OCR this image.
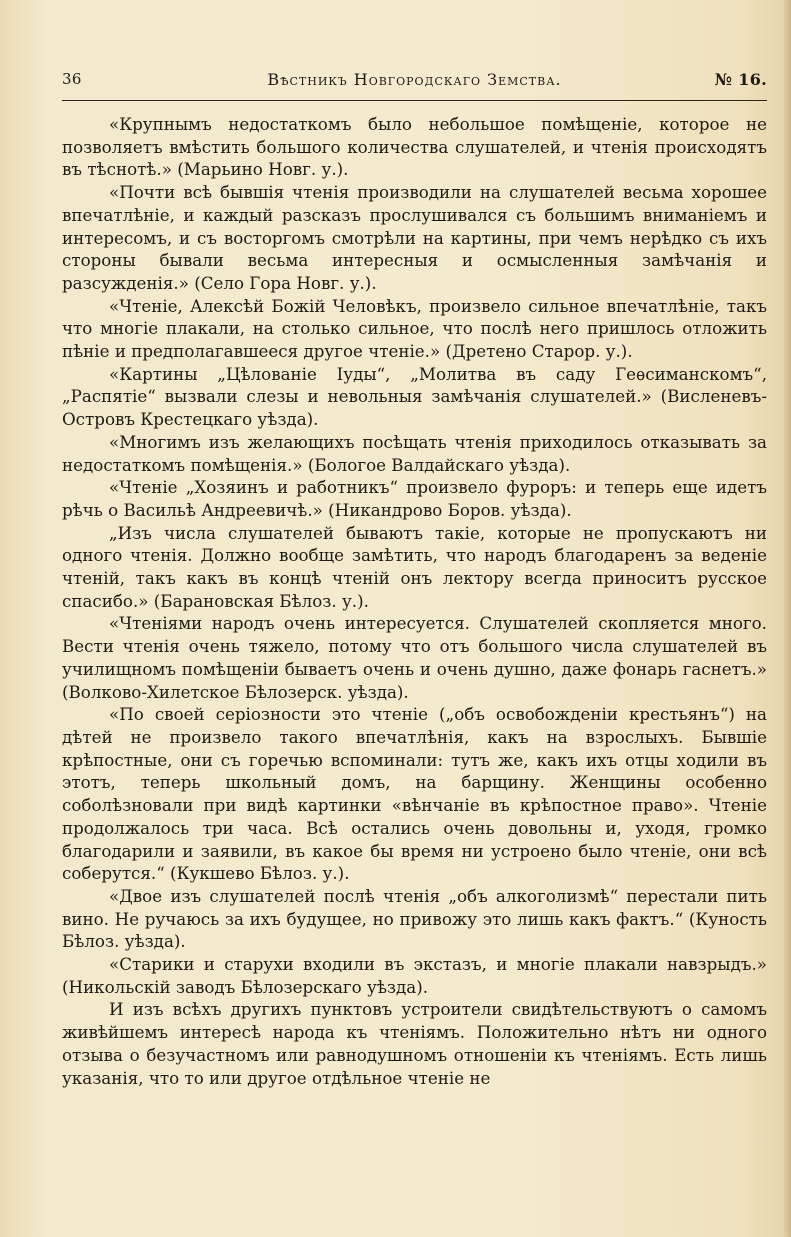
36	Вѣстникъ Новгородскаго Земства.	№ 16.

«Крупнымъ недостаткомъ было небольшое помѣщеніе, которое не позволяетъ вмѣстить большого количества слушателей, и чтенія происходятъ въ тѣснотѣ.» (Марьино Новг. у.).

«Почти всѣ бывшія чтенія производили на слушателей весьма хорошее впечатлѣніе, и каждый разсказъ прослушивался съ большимъ вниманіемъ и интересомъ, и съ восторгомъ смотрѣли на картины, при чемъ нерѣдко съ ихъ стороны бывали весьма интересныя и осмысленныя замѣчанія и разсужденія.» (Село Гора Новг. у.).

«Чтеніе, Алексѣй Божій Человѣкъ, произвело сильное впечатлѣніе, такъ что многіе плакали, на столько сильное, что послѣ него пришлось отложить пѣніе и предполагавшееся другое чтеніе.» (Дретено Старор. у.).

«Картины „Цѣлованіе Іуды“, „Молитва въ саду Геѳсиманскомъ“, „Распятіе“ вызвали слезы и невольныя замѣчанія слушателей.» (Висленевъ-Островъ Крестецкаго уѣзда).

«Многимъ изъ желающихъ посѣщать чтенія приходилось отказывать за недостаткомъ помѣщенія.» (Бологое Валдайскаго уѣзда).

«Чтеніе „Хозяинъ и работникъ“ произвело фуроръ: и теперь еще идетъ рѣчь о Васильѣ Андреевичѣ.» (Никандрово Боров. уѣзда).

„Изъ числа слушателей бываютъ такіе, которые не пропускаютъ ни одного чтенія. Должно вообще замѣтить, что народъ благодаренъ за веденіе чтеній, такъ какъ въ концѣ чтеній онъ лектору всегда приноситъ русское спасибо.» (Барановская Бѣлоз. у.).

«Чтеніями народъ очень интересуется. Слушателей скопляется много. Вести чтенія очень тяжело, потому что отъ большого числа слушателей въ училищномъ помѣщеніи бываетъ очень и очень душно, даже фонарь гаснетъ.» (Волково-Хилетское Бѣлозерск. уѣзда).

«По своей серіозности это чтеніе („объ освобожденіи крестьянъ“) на дѣтей не произвело такого впечатлѣнія, какъ на взрослыхъ. Бывшіе крѣпостные, они съ горечью вспоминали: тутъ же, какъ ихъ отцы ходили въ этотъ, теперь школьный домъ, на барщину. Женщины особенно соболѣзновали при видѣ картинки «вѣнчаніе въ крѣпостное право». Чтеніе продолжалось три часа. Всѣ остались очень довольны и, уходя, громко благодарили и заявили, въ какое бы время ни устроено было чтеніе, они всѣ соберутся.“ (Кукшево Бѣлоз. у.).

«Двое изъ слушателей послѣ чтенія „объ алкоголизмѣ“ перестали пить вино. Не ручаюсь за ихъ будущее, но привожу это лишь какъ фактъ.“ (Куность Бѣлоз. уѣзда).

«Старики и старухи входили въ экстазъ, и многіе плакали навзрыдъ.» (Никольскій заводъ Бѣлозерскаго уѣзда).

И изъ всѣхъ другихъ пунктовъ устроители свидѣтельствуютъ о самомъ живѣйшемъ интересѣ народа къ чтеніямъ. Положительно нѣтъ ни одного отзыва о безучастномъ или равнодушномъ отношеніи къ чтеніямъ. Есть лишь указанія, что то или другое отдѣльное чтеніе не
